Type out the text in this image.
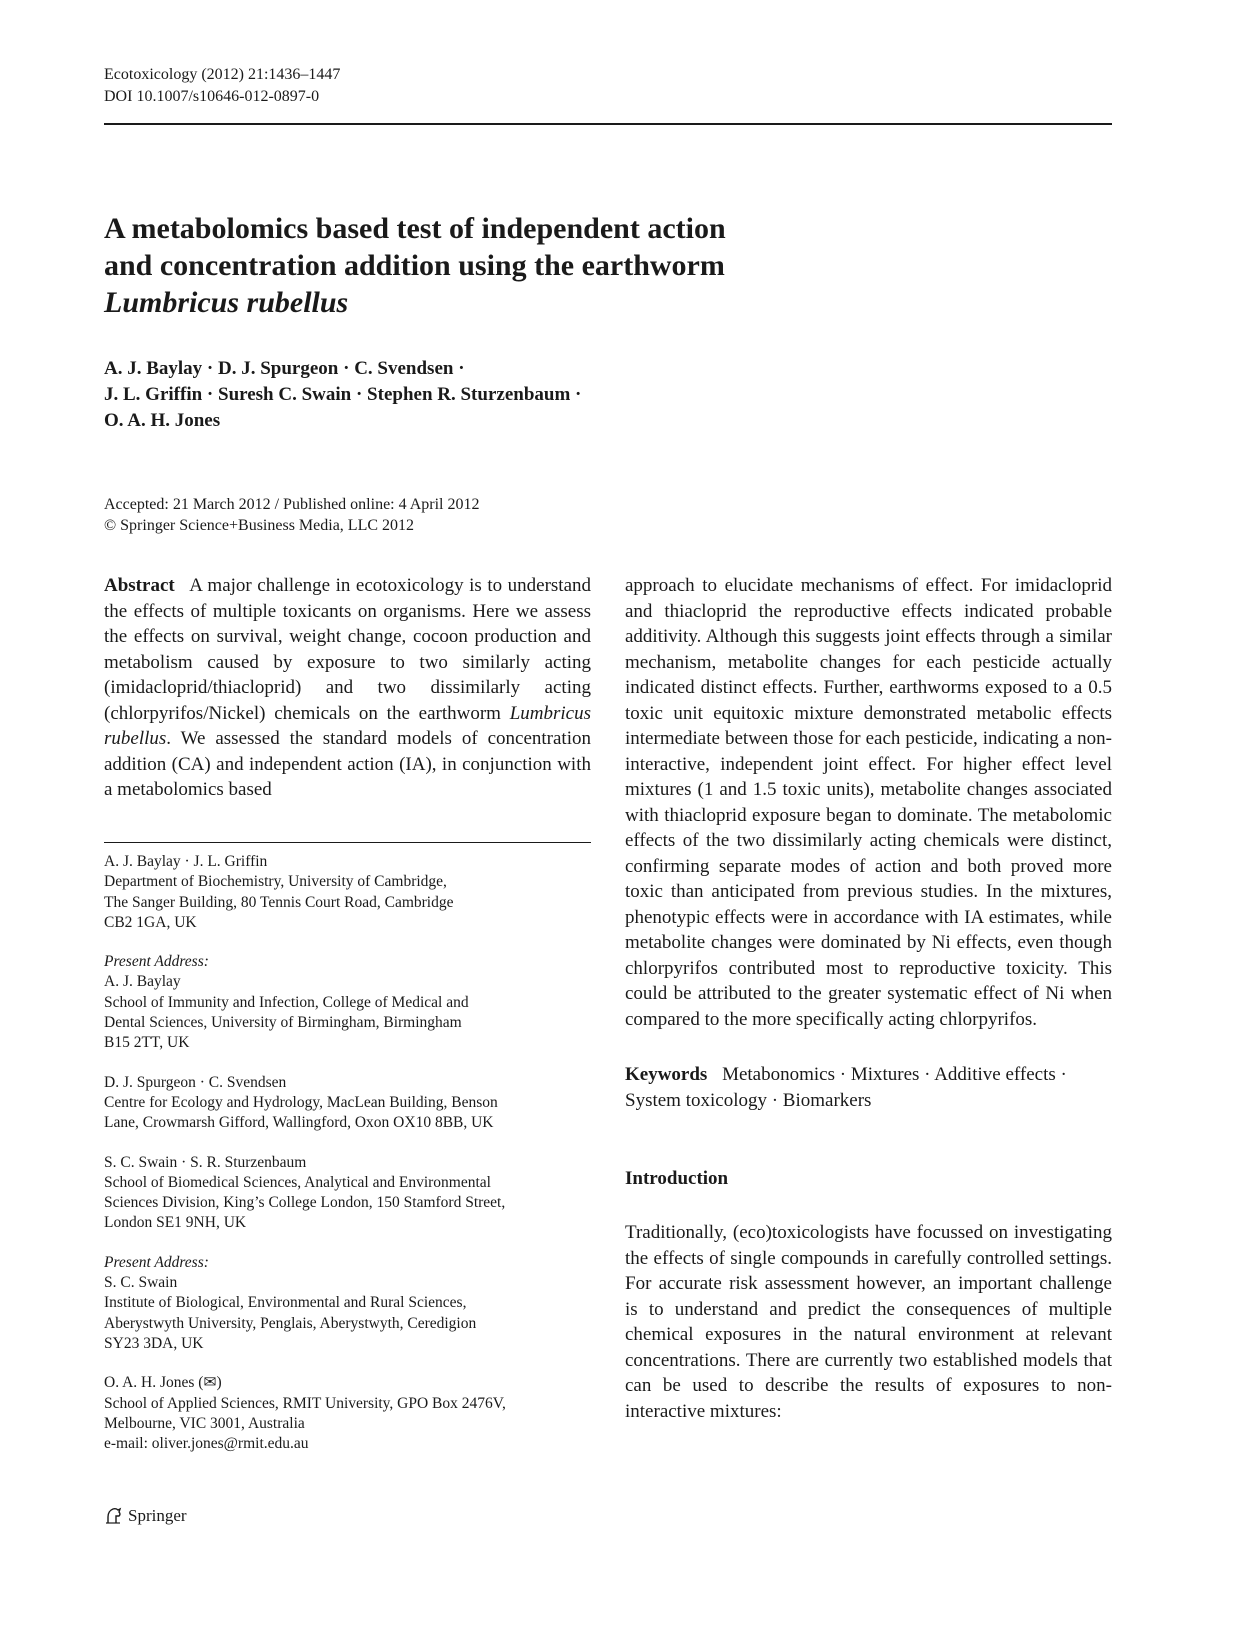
Ecotoxicology (2012) 21:1436–1447
DOI 10.1007/s10646-012-0897-0
A metabolomics based test of independent action
and concentration addition using the earthworm
Lumbricus rubellus
A. J. Baylay · D. J. Spurgeon · C. Svendsen ·
J. L. Griffin · Suresh C. Swain · Stephen R. Sturzenbaum ·
O. A. H. Jones
Accepted: 21 March 2012 / Published online: 4 April 2012
© Springer Science+Business Media, LLC 2012

Abstract A major challenge in ecotoxicology is to understand the effects of multiple toxicants on organisms. Here we assess the effects on survival, weight change, cocoon production and metabolism caused by exposure to two similarly acting (imidacloprid/thiacloprid) and two dissimilarly acting (chlorpyrifos/Nickel) chemicals on the earthworm Lumbricus rubellus. We assessed the standard models of concentration addition (CA) and independent action (IA), in conjunction with a metabolomics based

A. J. Baylay · J. L. Griffin
Department of Biochemistry, University of Cambridge,
The Sanger Building, 80 Tennis Court Road, Cambridge
CB2 1GA, UK
Present Address:
A. J. Baylay
School of Immunity and Infection, College of Medical and
Dental Sciences, University of Birmingham, Birmingham
B15 2TT, UK
D. J. Spurgeon · C. Svendsen
Centre for Ecology and Hydrology, MacLean Building, Benson
Lane, Crowmarsh Gifford, Wallingford, Oxon OX10 8BB, UK
S. C. Swain · S. R. Sturzenbaum
School of Biomedical Sciences, Analytical and Environmental
Sciences Division, King’s College London, 150 Stamford Street,
London SE1 9NH, UK
Present Address:
S. C. Swain
Institute of Biological, Environmental and Rural Sciences,
Aberystwyth University, Penglais, Aberystwyth, Ceredigion
SY23 3DA, UK
O. A. H. Jones (✉)
School of Applied Sciences, RMIT University, GPO Box 2476V,
Melbourne, VIC 3001, Australia
e-mail: oliver.jones@rmit.edu.au

approach to elucidate mechanisms of effect. For imidacloprid and thiacloprid the reproductive effects indicated probable additivity. Although this suggests joint effects through a similar mechanism, metabolite changes for each pesticide actually indicated distinct effects. Further, earthworms exposed to a 0.5 toxic unit equitoxic mixture demonstrated metabolic effects intermediate between those for each pesticide, indicating a non-interactive, independent joint effect. For higher effect level mixtures (1 and 1.5 toxic units), metabolite changes associated with thiacloprid exposure began to dominate. The metabolomic effects of the two dissimilarly acting chemicals were distinct, confirming separate modes of action and both proved more toxic than anticipated from previous studies. In the mixtures, phenotypic effects were in accordance with IA estimates, while metabolite changes were dominated by Ni effects, even though chlorpyrifos contributed most to reproductive toxicity. This could be attributed to the greater systematic effect of Ni when compared to the more specifically acting chlorpyrifos.

Keywords Metabonomics · Mixtures · Additive effects · System toxicology · Biomarkers
Introduction

Traditionally, (eco)toxicologists have focussed on investigating the effects of single compounds in carefully controlled settings. For accurate risk assessment however, an important challenge is to understand and predict the consequences of multiple chemical exposures in the natural environment at relevant concentrations. There are currently two established models that can be used to describe the results of exposures to non-interactive mixtures:

Springer
